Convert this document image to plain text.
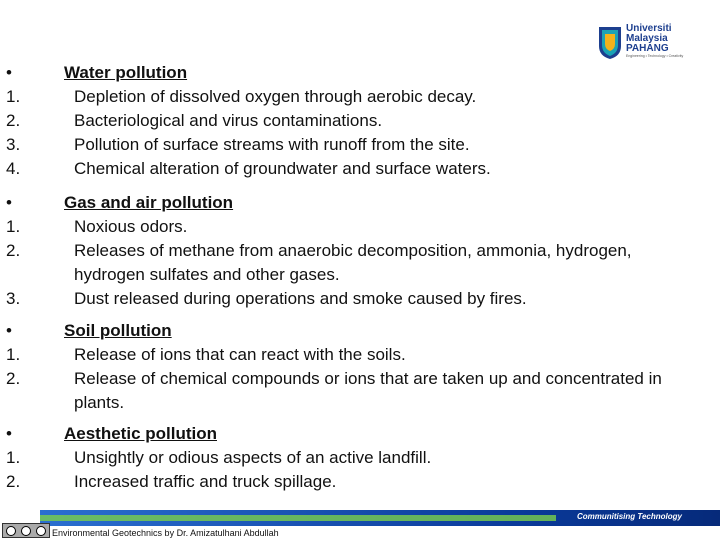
Universiti
Malaysia
PAHANG
Engineering • Technology • Creativity
•	Water pollution
1.	Depletion of dissolved oxygen through aerobic decay.
2.	Bacteriological and virus contaminations.
3.	Pollution of surface streams with runoff from the site.
4.	Chemical alteration of groundwater and surface waters.
•	Gas and air pollution
1.	Noxious odors.
2.	Releases of methane from anaerobic decomposition, ammonia, hydrogen, hydrogen sulfates and other gases.
3.	Dust released during operations and smoke caused by fires.
•	Soil pollution
1.	Release of ions that can react with the soils.
2.	Release of chemical compounds or ions that are taken up and concentrated in plants.
•	Aesthetic pollution
1.	Unsightly or odious aspects of an active landfill.
2.	Increased traffic and truck spillage.
Communitising Technology
Environmental Geotechnics by Dr. Amizatulhani Abdullah
